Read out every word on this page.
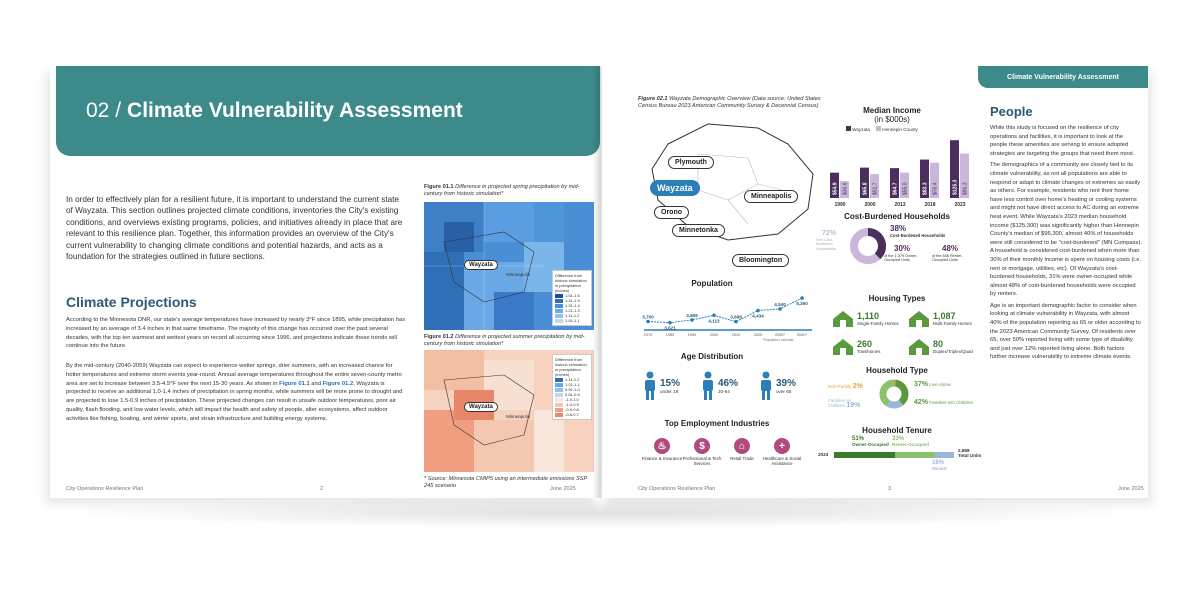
02 / Climate Vulnerability Assessment
In order to effectively plan for a resilient future, it is important to understand the current state of Wayzata. This section outlines projected climate conditions, inventories the City's existing conditions, and overviews existing programs, policies, and initiatives already in place that are relevant to this resilience plan. Together, this information provides an overview of the City's current vulnerability to changing climate conditions and potential hazards, and acts as a foundation for the strategies outlined in future sections.
Climate Projections
According to the Minnesota DNR, our state's average temperatures have increased by nearly 3°F since 1895, while precipitation has increased by an average of 3.4 inches in that same timeframe. The majority of this change has occurred over the past several decades, with the top ten warmest and wettest years on record all occurring since 1996, and projections indicate these trends will continue into the future.
By the mid-century (2040-2059) Wayzata can expect to experience wetter springs, drier summers, with an increased chance for hotter temperatures and extreme storm events year-round. Annual average temperatures throughout the entire seven-county metro area are set to increase between 3.5-4.5°F over the next 15-30 years. As shown in Figure 01.1 and Figure 01.2, Wayzata is projected to receive an additional 1.0-1.4 inches of precipitation in spring months, while summers will be more prone to drought and are projected to lose 1.5-0.9 inches of precipitation. These projected changes can result in unsafe outdoor temperatures, poor air quality, flash flooding, and low water levels, which will impact the health and safety of people, alter ecosystems, affect outdoor activities like fishing, boating, and winter sports, and strain infrastructure and building energy systems.
Figure 01.1 Difference in projected spring precipitation by mid-century from historic simulation*
Wayzata
Minneapolis	Difference from historic simulation in precipitation (inches)
1.51-1.6
1.41-1.5
1.31-1.4
1.21-1.3
1.11-1.2
1.01-1.1
Figure 01.2 Difference in projected summer precipitation by mid-century from historic simulation*
Wayzata
Minneapolis
Difference from historic simulation in precipitation (inches)
1.11-1.2
1.01-1.1
0.91-1.0
0.81-0.9
-1.5-1.0
-1.0-0.9
-0.9-0.8
-0.8-0.7
* Source: Minnesota CMIP5 using an intermediate emissions SSP 245 scenario
City Operations Resilience Plan	2	June 2025
Climate Vulnerability Assessment
Figure 02.1 Wayzata Demographic Overview (Data source: United States Census Bureau 2023 American Community Survey & Decennial Census)
Plymouth
Wayzata
Minneapolis
Orono
Minnetonka
Bloomington
Median Income
(in $000s)
Wayzata	Hennepin County
$54.9 $36.6
1990
$65.8 $51.7
2000
$64.7 $55.0
2013
$83.3 $76.4
2018
$125.3 $96.3
2023
Cost-Burdened Households
72%
Non Cost-Burdened Households
38%
Cost-Burdened Households
30%
of the 1,379 Owner-Occupied Units
48%
of the 848 Renter-Occupied Units
Population
3,700
1970
3,621
1980
3,806
1990
4,113
2000
3,688
2010
4,434
2020
4,540
2030*
5,260
2040*
*Population estimate
Age Distribution
15%
under 19
46%
20-64
39%
over 65
Top Employment Industries
♨
Finance & Insurance
$
Professional & Tech Services
⌂
Retail Trade
+
Healthcare & Social Assistance
Housing Types
1,110
Single-Family Homes
1,087
Multi-Family Homes
260
Townhomes
80
Duplex/Triplex/Quad
Household Type
Non-Family 2%	37% Live Alone
Families w/ Children 19%	42% Families w/o Children
Household Tenure
51%
Owner-Occupied
33%
Renter-Occupied
2023
2,868
Total Units
16%
Vacant
People

While this study is focused on the resilience of city operations and facilities, it is important to look at the people these amenities are serving to ensure adopted strategies are targeting the groups that need them most.

The demographics of a community are closely tied to its climate vulnerability, as not all populations are able to respond or adapt to climate changes or extremes as easily as others. For example, residents who rent their home have less control over home's heating or cooling systems and might not have direct access to AC during an extreme heat event. While Wayzata's 2023 median household income ($125,300) was significantly higher than Hennepin County's median of $96,300, almost 40% of households were still considered to be "cost-burdened" (MN Compass). A household is considered cost-burdened when more than 30% of their monthly income is spent on housing costs (i.e. rent or mortgage, utilities, etc). Of Wayzata's cost-burdened households, 31% were owner-occupied while almost 48% of cost-burdened households were occupied by renters.

Age is an important demographic factor to consider when looking at climate vulnerability in Wayzata, with almost 40% of the population reporting as 65 or older according to the 2023 American Community Survey. Of residents over 65, over 50% reported living with some type of disability and just over 12% reported living alone. Both factors further increase vulnerability to extreme climate events.

City Operations Resilience Plan	3	June 2025
